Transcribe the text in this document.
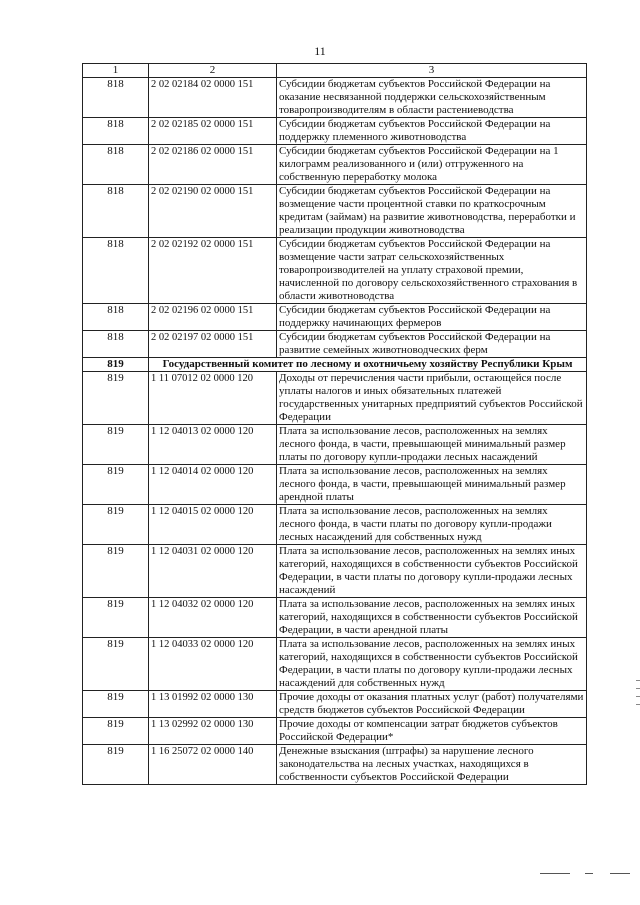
11
1	2	3
818	2 02 02184 02 0000 151	Субсидии бюджетам субъектов Российской Федерации на оказание несвязанной поддержки сельскохозяйственным товаропроизводителям в области растениеводства
818	2 02 02185 02 0000 151	Субсидии бюджетам субъектов Российской Федерации на поддержку племенного животноводства
818	2 02 02186 02 0000 151	Субсидии бюджетам субъектов Российской Федерации на 1 килограмм реализованного и (или) отгруженного на собственную переработку молока
818	2 02 02190 02 0000 151	Субсидии бюджетам субъектов Российской Федерации на возмещение части процентной ставки по краткосрочным кредитам (займам) на развитие животноводства, переработки и реализации продукции животноводства
818	2 02 02192 02 0000 151	Субсидии бюджетам субъектов Российской Федерации на возмещение части затрат сельскохозяйственных товаропроизводителей на уплату страховой премии, начисленной по договору сельскохозяйственного страхования в области животноводства
818	2 02 02196 02 0000 151	Субсидии бюджетам субъектов Российской Федерации на поддержку начинающих фермеров
818	2 02 02197 02 0000 151	Субсидии бюджетам субъектов Российской Федерации на развитие семейных животноводческих ферм
819	Государственный комитет по лесному и охотничьему хозяйству Республики Крым	
819	1 11 07012 02 0000 120	Доходы от перечисления части прибыли, остающейся после уплаты налогов и иных обязательных платежей государственных унитарных предприятий субъектов Российской Федерации
819	1 12 04013 02 0000 120	Плата за использование лесов, расположенных на землях лесного фонда, в части, превышающей минимальный размер платы по договору купли-продажи лесных насаждений
819	1 12 04014 02 0000 120	Плата за использование лесов, расположенных на землях лесного фонда, в части, превышающей минимальный размер арендной платы
819	1 12 04015 02 0000 120	Плата за использование лесов, расположенных на землях лесного фонда, в части платы по договору купли-продажи лесных насаждений для собственных нужд
819	1 12 04031 02 0000 120	Плата за использование лесов, расположенных на землях иных категорий, находящихся в собственности субъектов Российской Федерации, в части платы по договору купли-продажи лесных насаждений
819	1 12 04032 02 0000 120	Плата за использование лесов, расположенных на землях иных категорий, находящихся в собственности субъектов Российской Федерации, в части арендной платы
819	1 12 04033 02 0000 120	Плата за использование лесов, расположенных на землях иных категорий, находящихся в собственности субъектов Российской Федерации, в части платы по договору купли-продажи лесных насаждений для собственных нужд
819	1 13 01992 02 0000 130	Прочие доходы от оказания платных услуг (работ) получателями средств бюджетов субъектов Российской Федерации
819	1 13 02992 02 0000 130	Прочие доходы от компенсации затрат бюджетов субъектов Российской Федерации*
819	1 16 25072 02 0000 140	Денежные взыскания (штрафы) за нарушение лесного законодательства на лесных участках, находящихся в собственности субъектов Российской Федерации
